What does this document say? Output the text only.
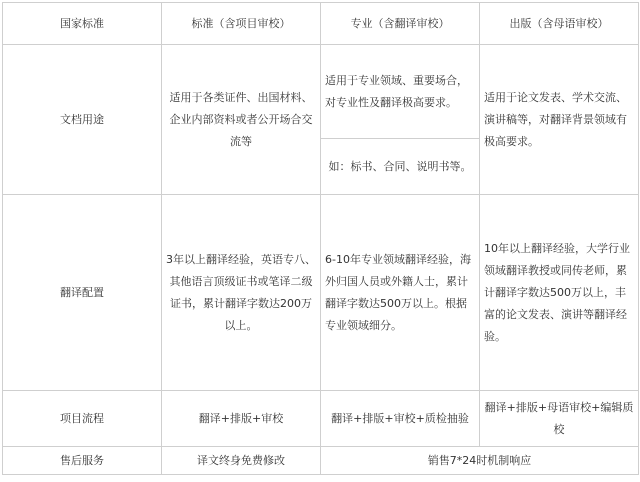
国家标准	标准（含项目审校）	专业（含翻译审校）	出版（含母语审校）
文档用途	适用于各类证件、出国材料、企业内部资料或者公开场合交流等	适用于专业领域、重要场合，对专业性及翻译极高要求。	适用于论文发表、学术交流、演讲稿等，对翻译背景领域有极高要求。

		如：标书、合同、说明书等。	

翻译配置	3年以上翻译经验，英语专八、其他语言顶级证书或笔译二级证书，累计翻译字数达200万以上。	6-10年专业领域翻译经验，海外归国人员或外籍人士，累计翻译字数达500万以上。根据专业领域细分。	10年以上翻译经验，大学行业领域翻译教授或同传老师，累计翻译字数达500万以上，丰富的论文发表、演讲等翻译经验。

项目流程	翻译+排版+审校	翻译+排版+审校+质检抽验	翻译+排版+母语审校+编辑质校
售后服务	译文终身免费修改	销售7*24时机制响应	
